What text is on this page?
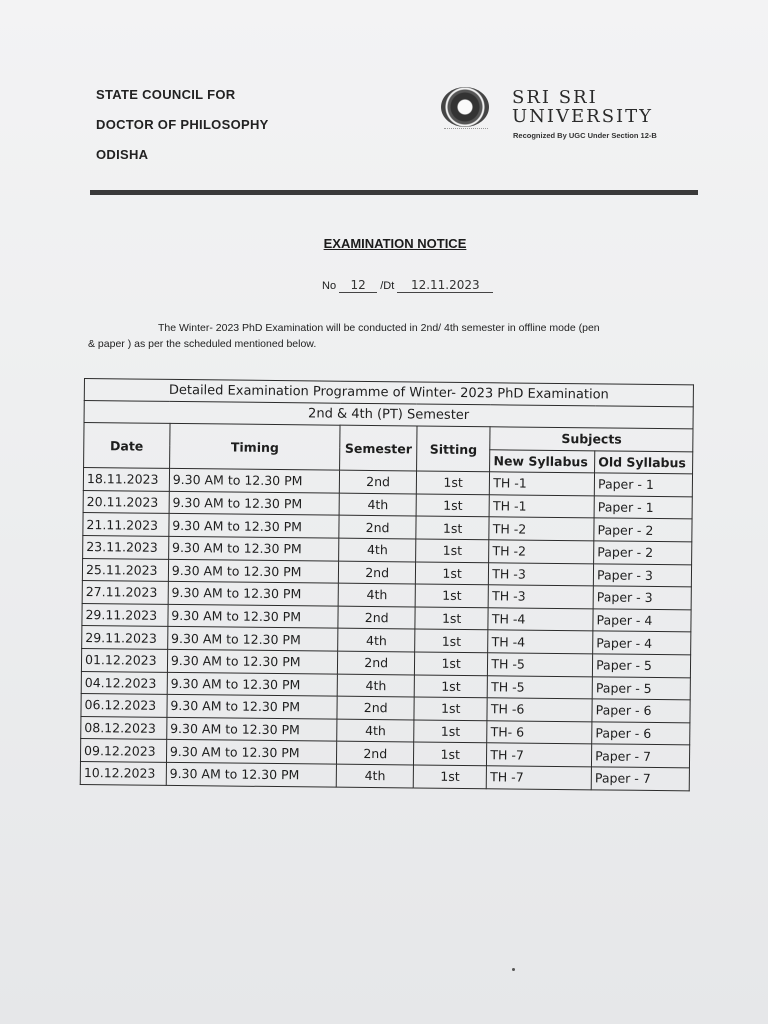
STATE COUNCIL FOR
DOCTOR OF PHILOSOPHY
ODISHA
SRI SRI
UNIVERSITY
Recognized By UGC Under Section 12-B
EXAMINATION NOTICE
No 12 /Dt 12.11.2023
The Winter- 2023 PhD Examination will be conducted in 2nd/ 4th semester in offline mode (pen
& paper ) as per the scheduled mentioned below.
Detailed Examination Programme of Winter- 2023 PhD Examination					
2nd & 4th (PT) Semester					
Date	Timing	Semester	Sitting	Subjects	
				New Syllabus	Old Syllabus
18.11.2023	9.30 AM to 12.30 PM	2nd	1st	TH -1	Paper - 1
20.11.2023	9.30 AM to 12.30 PM	4th	1st	TH -1	Paper - 1
21.11.2023	9.30 AM to 12.30 PM	2nd	1st	TH -2	Paper - 2
23.11.2023	9.30 AM to 12.30 PM	4th	1st	TH -2	Paper - 2
25.11.2023	9.30 AM to 12.30 PM	2nd	1st	TH -3	Paper - 3
27.11.2023	9.30 AM to 12.30 PM	4th	1st	TH -3	Paper - 3
29.11.2023	9.30 AM to 12.30 PM	2nd	1st	TH -4	Paper - 4
29.11.2023	9.30 AM to 12.30 PM	4th	1st	TH -4	Paper - 4
01.12.2023	9.30 AM to 12.30 PM	2nd	1st	TH -5	Paper - 5
04.12.2023	9.30 AM to 12.30 PM	4th	1st	TH -5	Paper - 5
06.12.2023	9.30 AM to 12.30 PM	2nd	1st	TH -6	Paper - 6
08.12.2023	9.30 AM to 12.30 PM	4th	1st	TH- 6	Paper - 6
09.12.2023	9.30 AM to 12.30 PM	2nd	1st	TH -7	Paper - 7
10.12.2023	9.30 AM to 12.30 PM	4th	1st	TH -7	Paper - 7
